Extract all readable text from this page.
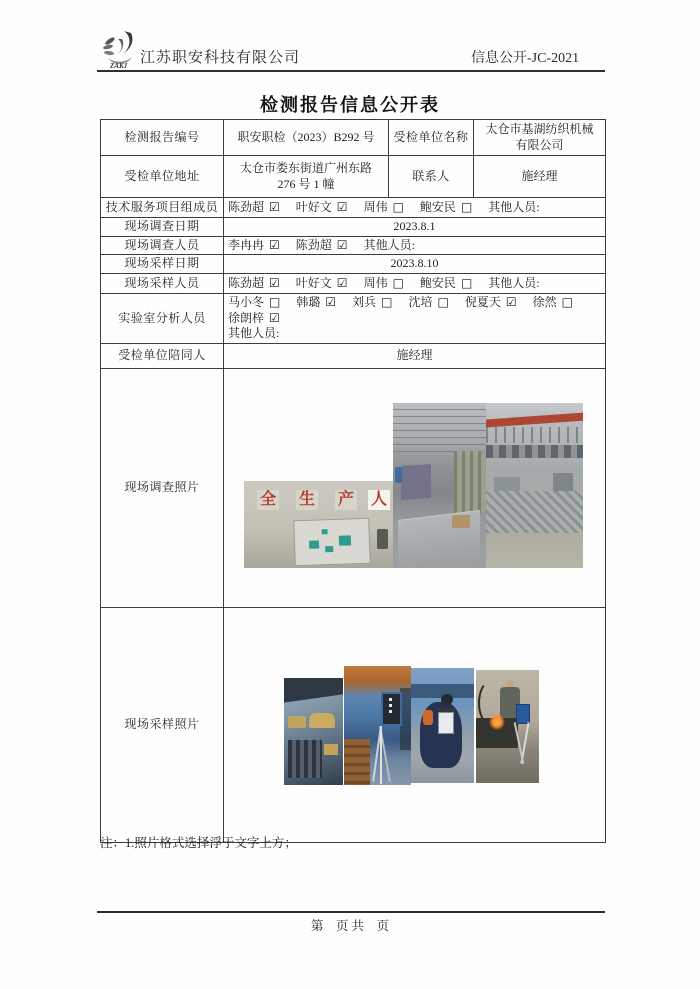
ZAKJ 江苏职安科技有限公司	信息公开-JC-2021
检测报告信息公开表
检测报告编号	职安职检（2023）B292 号	受检单位名称	太仓市基湖纺织机械
有限公司

受检单位地址	太仓市娄东街道广州东路
276 号 1 幢	联系人	施经理
技术服务项目组成员	陈劲超 ☑ 叶好文 ☑ 周伟 □ 鲍安民 □ 其他人员:		
现场调查日期	2023.8.1		
现场调查人员	李冉冉 ☑ 陈劲超 ☑ 其他人员:		
现场采样日期	2023.8.10		
现场采样人员	陈劲超 ☑ 叶好文 ☑ 周伟 □ 鲍安民 □ 其他人员:		
实验室分析人员	马小冬 □ 韩璐 ☑ 刘兵 □ 沈培 □ 倪夏天 ☑ 徐然 □ 徐朗梓 ☑
其他人员:		

受检单位陪同人	施经理		
现场调查照片	全 生 产 人		

现场采样照片			
注：1.照片格式选择浮于文字上方；
第　页 共　页
